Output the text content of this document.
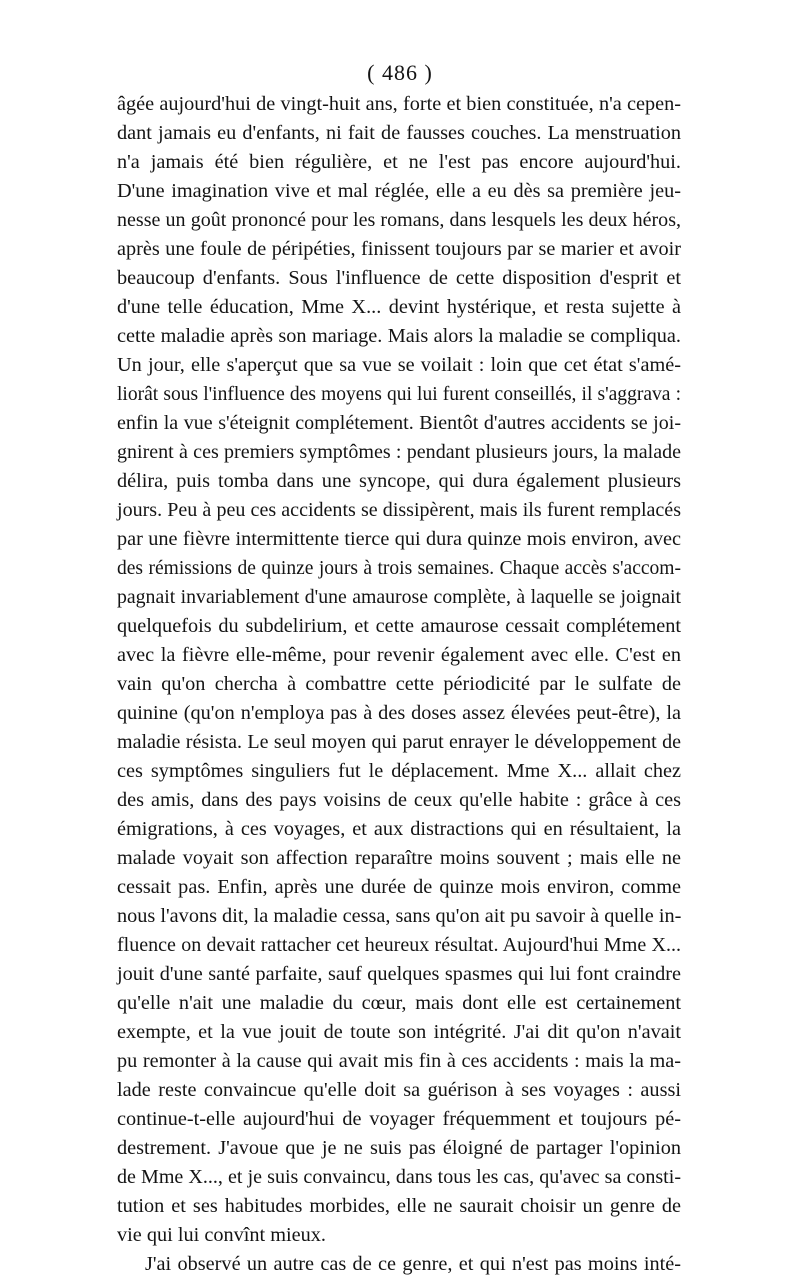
( 486 )
âgée aujourd'hui de vingt-huit ans, forte et bien constituée, n'a cepen-
dant jamais eu d'enfants, ni fait de fausses couches. La menstruation
n'a jamais été bien régulière, et ne l'est pas encore aujourd'hui.
D'une imagination vive et mal réglée, elle a eu dès sa première jeu-
nesse un goût prononcé pour les romans, dans lesquels les deux héros,
après une foule de péripéties, finissent toujours par se marier et avoir
beaucoup d'enfants. Sous l'influence de cette disposition d'esprit et
d'une telle éducation, Mme X... devint hystérique, et resta sujette à
cette maladie après son mariage. Mais alors la maladie se compliqua.
Un jour, elle s'aperçut que sa vue se voilait : loin que cet état s'amé-
liorât sous l'influence des moyens qui lui furent conseillés, il s'aggrava :
enfin la vue s'éteignit complétement. Bientôt d'autres accidents se joi-
gnirent à ces premiers symptômes : pendant plusieurs jours, la malade
délira, puis tomba dans une syncope, qui dura également plusieurs
jours. Peu à peu ces accidents se dissipèrent, mais ils furent remplacés
par une fièvre intermittente tierce qui dura quinze mois environ, avec
des rémissions de quinze jours à trois semaines. Chaque accès s'accom-
pagnait invariablement d'une amaurose complète, à laquelle se joignait
quelquefois du subdelirium, et cette amaurose cessait complétement
avec la fièvre elle-même, pour revenir également avec elle. C'est en
vain qu'on chercha à combattre cette périodicité par le sulfate de
quinine (qu'on n'employa pas à des doses assez élevées peut-être), la
maladie résista. Le seul moyen qui parut enrayer le développement de
ces symptômes singuliers fut le déplacement. Mme X... allait chez
des amis, dans des pays voisins de ceux qu'elle habite : grâce à ces
émigrations, à ces voyages, et aux distractions qui en résultaient, la
malade voyait son affection reparaître moins souvent ; mais elle ne
cessait pas. Enfin, après une durée de quinze mois environ, comme
nous l'avons dit, la maladie cessa, sans qu'on ait pu savoir à quelle in-
fluence on devait rattacher cet heureux résultat. Aujourd'hui Mme X...
jouit d'une santé parfaite, sauf quelques spasmes qui lui font craindre
qu'elle n'ait une maladie du cœur, mais dont elle est certainement
exempte, et la vue jouit de toute son intégrité. J'ai dit qu'on n'avait
pu remonter à la cause qui avait mis fin à ces accidents : mais la ma-
lade reste convaincue qu'elle doit sa guérison à ses voyages : aussi
continue-t-elle aujourd'hui de voyager fréquemment et toujours pé-
destrement. J'avoue que je ne suis pas éloigné de partager l'opinion
de Mme X..., et je suis convaincu, dans tous les cas, qu'avec sa consti-
tution et ses habitudes morbides, elle ne saurait choisir un genre de
vie qui lui convînt mieux.
J'ai observé un autre cas de ce genre, et qui n'est pas moins inté-
